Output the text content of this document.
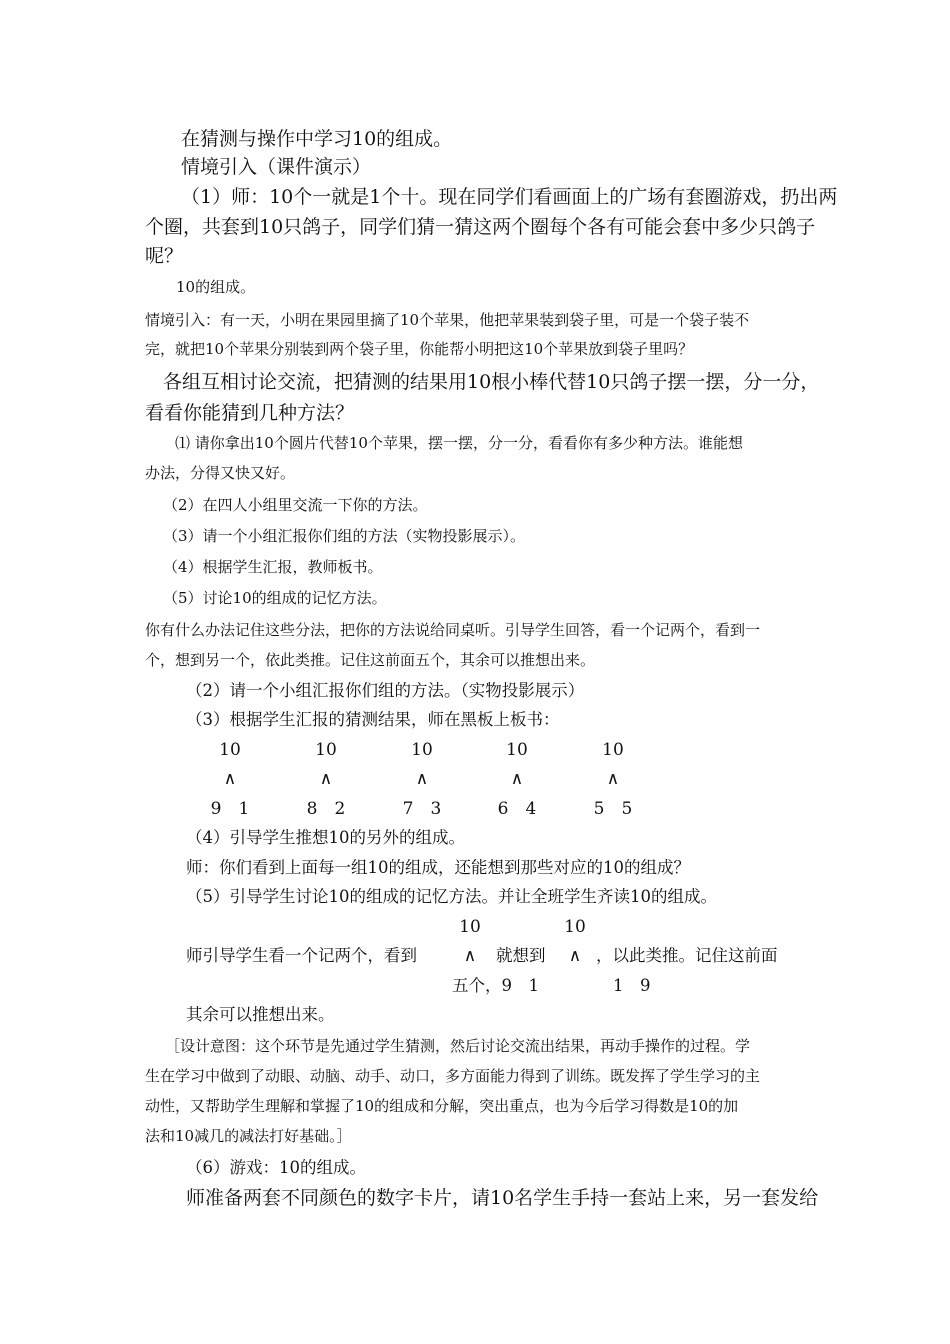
在猜测与操作中学习10的组成。
情境引入（课件演示）
（1）师：10个一就是1个十。现在同学们看画面上的广场有套圈游戏，扔出两
个圈，共套到10只鸽子，同学们猜一猜这两个圈每个各有可能会套中多少只鸽子
呢？
10的组成。
情境引入：有一天，小明在果园里摘了10个苹果，他把苹果装到袋子里，可是一个袋子装不
完，就把10个苹果分别装到两个袋子里，你能帮小明把这10个苹果放到袋子里吗？
各组互相讨论交流，把猜测的结果用10根小棒代替10只鸽子摆一摆，分一分，
看看你能猜到几种方法？
⑴ 请你拿出10个圆片代替10个苹果，摆一摆，分一分，看看你有多少种方法。谁能想
办法，分得又快又好。
（2）在四人小组里交流一下你的方法。
（3）请一个小组汇报你们组的方法（实物投影展示）。
（4）根据学生汇报，教师板书。
（5）讨论10的组成的记忆方法。
你有什么办法记住这些分法，把你的方法说给同桌听。引导学生回答，看一个记两个，看到一
个，想到另一个，依此类推。记住这前面五个，其余可以推想出来。
（2）请一个小组汇报你们组的方法。（实物投影展示）
（3）根据学生汇报的猜测结果，师在黑板上板书：
10	10	10	10	10
∧	∧	∧	∧	∧
9　1	8　2	7　3	6　4	5　5
（4）引导学生推想10的另外的组成。
师：你们看到上面每一组10的组成，还能想到那些对应的10的组成？
（5）引导学生讨论10的组成的记忆方法。并让全班学生齐读10的组成。
10	10
师引导学生看一个记两个，看到	∧	就想到	∧ ，以此类推。记住这前面
五个，9　1	1　9
其余可以推想出来。
［设计意图：这个环节是先通过学生猜测，然后讨论交流出结果，再动手操作的过程。学
生在学习中做到了动眼、动脑、动手、动口，多方面能力得到了训练。既发挥了学生学习的主
动性，又帮助学生理解和掌握了10的组成和分解，突出重点，也为今后学习得数是10的加
法和10减几的减法打好基础。］
（6）游戏：10的组成。
师准备两套不同颜色的数字卡片，请10名学生手持一套站上来，另一套发给
